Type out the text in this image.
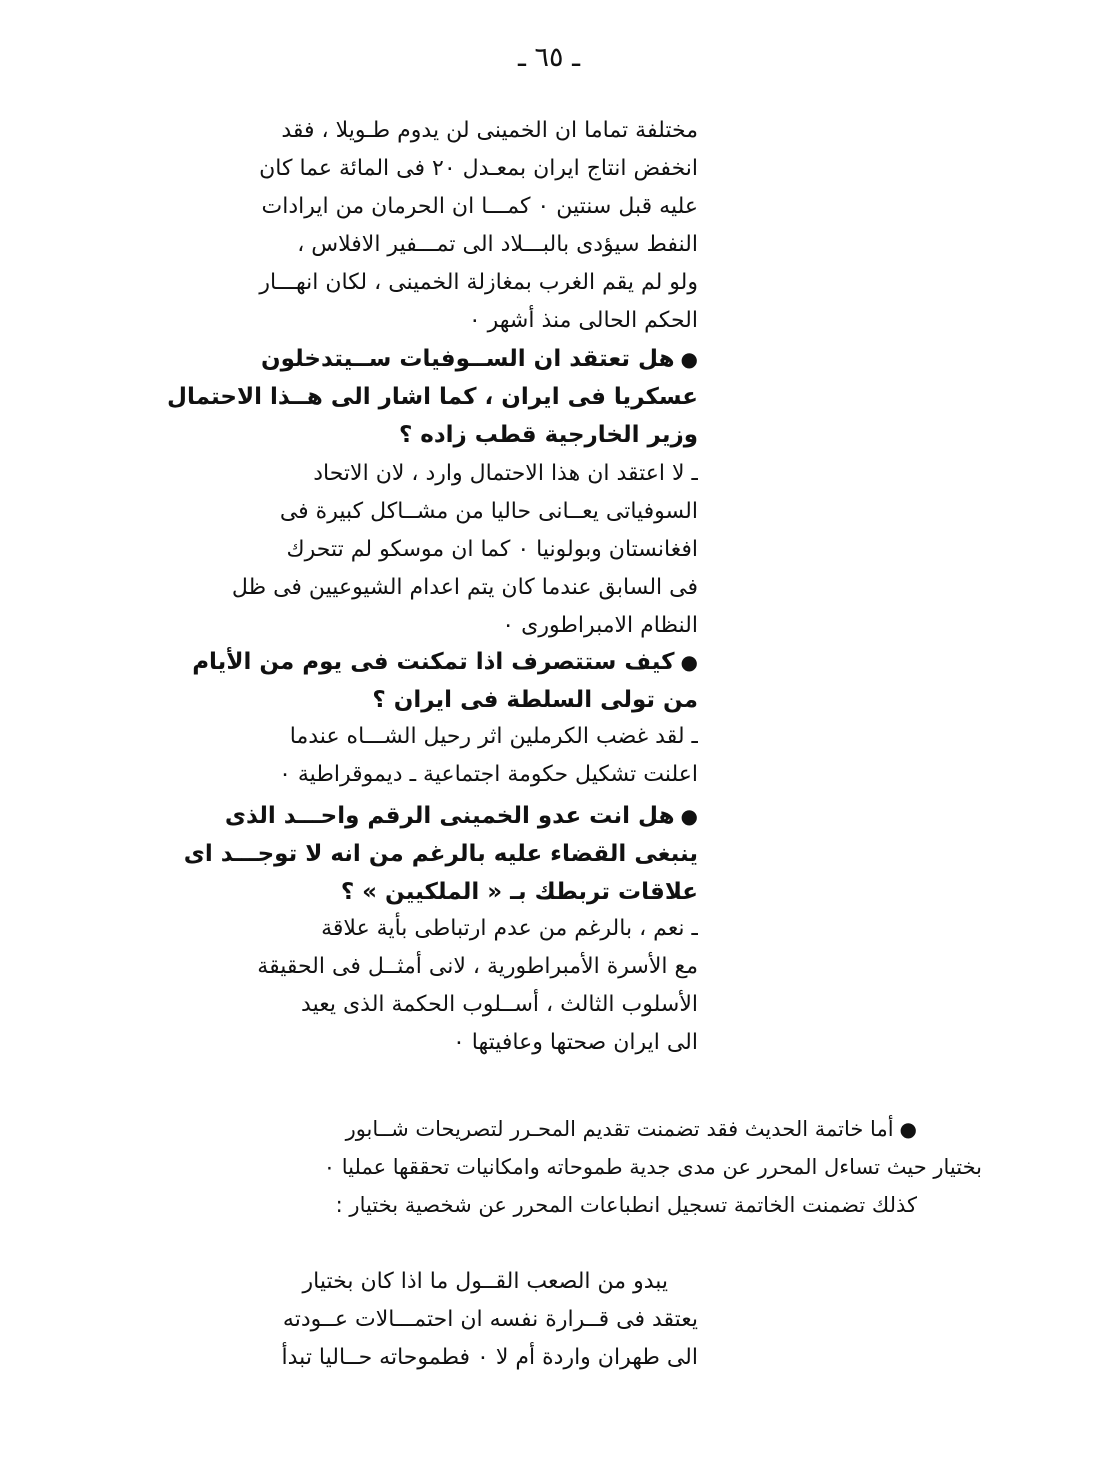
ـ ٦٥ ـ
مختلفة تماما ان الخمينى لن يدوم طـويلا ، فقد
انخفض انتاج ايران بمعـدل ٢٠ فى المائة عما كان
عليه قبل سنتين ٠ كمـــا ان الحرمان من ايرادات
النفط سيؤدى بالبـــلاد الى تمـــفير الافلاس ،
ولو لم يقم الغرب بمغازلة الخمينى ، لكان انهـــار
الحكم الحالى منذ أشهر ٠
●هل تعتقد ان الســوفيات ســيتدخلون
عسكريا فى ايران ، كما اشار الى هــذا الاحتمال
وزير الخارجية قطب زاده ؟
ـ لا اعتقد ان هذا الاحتمال وارد ، لان الاتحاد
السوفياتى يعــانى حاليا من مشــاكل كبيرة فى
افغانستان وبولونيا ٠ كما ان موسكو لم تتحرك
فى السابق عندما كان يتم اعدام الشيوعيين فى ظل
النظام الامبراطورى ٠
●كيف ستتصرف اذا تمكنت فى يوم من الأيام
من تولى السلطة فى ايران ؟
ـ لقد غضب الكرملين اثر رحيل الشـــاه عندما
اعلنت تشكيل حكومة اجتماعية ـ ديموقراطية ٠
●هل انت عدو الخمينى الرقم واحـــد الذى
ينبغى القضاء عليه بالرغم من انه لا توجـــد اى
علاقات تربطك بـ « الملكيين » ؟
ـ نعم ، بالرغم من عدم ارتباطى بأية علاقة
مع الأسرة الأمبراطورية ، لانى أمثــل فى الحقيقة
الأسلوب الثالث ، أســلوب الحكمة الذى يعيد
الى ايران صحتها وعافيتها ٠
●أما خاتمة الحديث فقد تضمنت تقديم المحـرر لتصريحات شــابور
بختيار حيث تساءل المحرر عن مدى جدية طموحاته وامكانيات تحققها عمليا ٠
كذلك تضمنت الخاتمة تسجيل انطباعات المحرر عن شخصية بختيار :
يبدو من الصعب القــول ما اذا كان بختيار
يعتقد فى قــرارة نفسه ان احتمـــالات عــودته
الى طهران واردة أم لا ٠ فطموحاته حــاليا تبدأ
